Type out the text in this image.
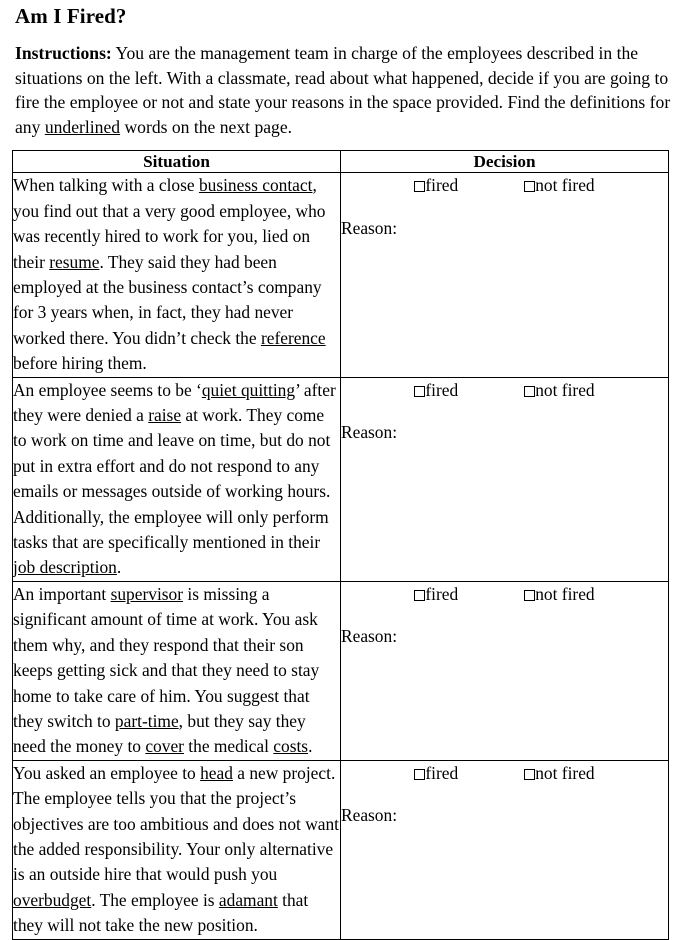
Am I Fired?

Instructions: You are the management team in charge of the employees described in the situations on the left. With a classmate, read about what happened, decide if you are going to fire the employee or not and state your reasons in the space provided. Find the definitions for any underlined words on the next page.

Situation	Decision
When talking with a close business contact, you find out that a very good employee, who was recently hired to work for you, lied on their resume. They said they had been employed at the business contact’s company for 3 years when, in fact, they had never worked there. You didn’t check the reference before hiring them.	fired not fired
Reason:

An employee seems to be ‘quiet quitting’ after they were denied a raise at work. They come to work on time and leave on time, but do not put in extra effort and do not respond to any emails or messages outside of working hours. Additionally, the employee will only perform tasks that are specifically mentioned in their job description.	fired not fired
Reason:

An important supervisor is missing a significant amount of time at work. You ask them why, and they respond that their son keeps getting sick and that they need to stay home to take care of him. You suggest that they switch to part-time, but they say they need the money to cover the medical costs.	fired not fired
Reason:

You asked an employee to head a new project. The employee tells you that the project’s objectives are too ambitious and does not want the added responsibility. Your only alternative is an outside hire that would push you overbudget. The employee is adamant that they will not take the new position.	fired not fired
Reason:
